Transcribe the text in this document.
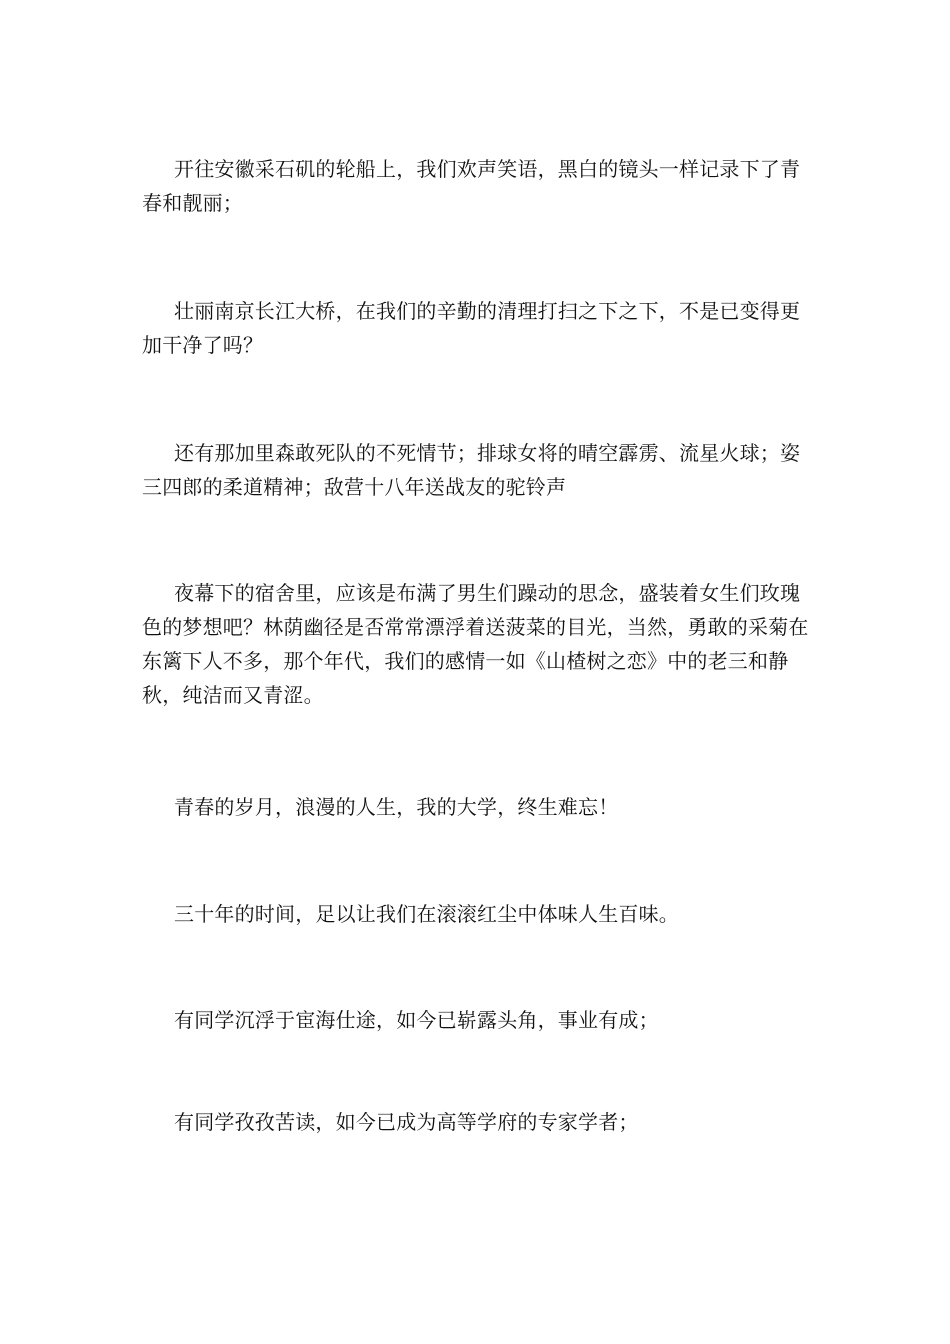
开往安徽采石矶的轮船上，我们欢声笑语，黑白的镜头一样记录下了青春和靓丽；

壮丽南京长江大桥，在我们的辛勤的清理打扫之下之下，不是已变得更加干净了吗？

还有那加里森敢死队的不死情节；排球女将的晴空霹雳、流星火球；姿三四郎的柔道精神；敌营十八年送战友的驼铃声

夜幕下的宿舍里，应该是布满了男生们躁动的思念，盛装着女生们玫瑰色的梦想吧？林荫幽径是否常常漂浮着送菠菜的目光，当然，勇敢的采菊在东篱下人不多，那个年代，我们的感情一如《山楂树之恋》中的老三和静秋，纯洁而又青涩。

青春的岁月，浪漫的人生，我的大学，终生难忘！

三十年的时间，足以让我们在滚滚红尘中体味人生百味。

有同学沉浮于宦海仕途，如今已崭露头角，事业有成；

有同学孜孜苦读，如今已成为高等学府的专家学者；
